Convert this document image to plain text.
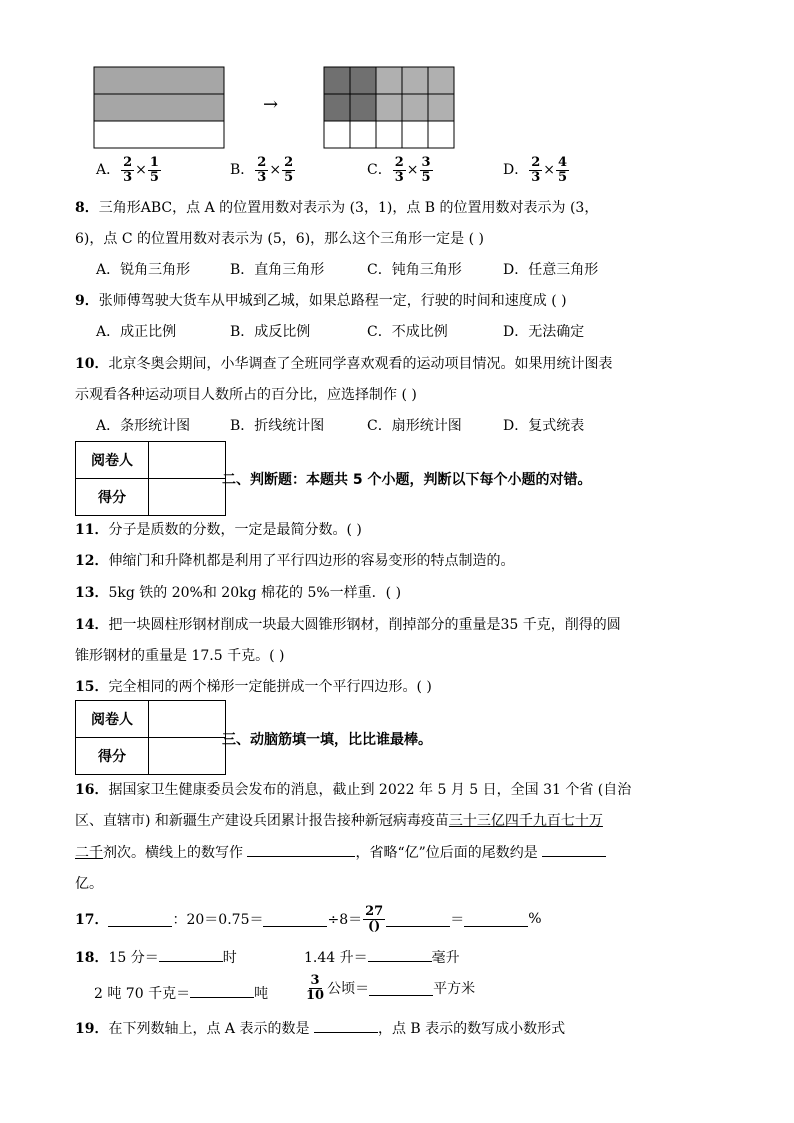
→
A． $\frac{2}{3} \times \frac{1}{5}$	B． $\frac{2}{3} \times \frac{2}{5}$	C． $\frac{2}{3} \times \frac{3}{5}$	D． $\frac{2}{3} \times \frac{4}{5}$
8．三角形ABC，点 A 的位置用数对表示为 (3，1)，点 B 的位置用数对表示为 (3，
6)，点 C 的位置用数对表示为 (5，6)，那么这个三角形一定是 ( )
A．锐角三角形	B．直角三角形	C．钝角三角形	D．任意三角形
9．张师傅驾驶大货车从甲城到乙城，如果总路程一定，行驶的时间和速度成 ( )
A．成正比例	B．成反比例	C．不成比例	D．无法确定
10．北京冬奥会期间，小华调查了全班同学喜欢观看的运动项目情况。如果用统计图表
示观看各种运动项目人数所占的百分比，应选择制作 ( )
A．条形统计图	B．折线统计图	C．扇形统计图	D．复式统表
阅卷人	
得分	
二、判断题：本题共 5 个小题，判断以下每个小题的对错。
11．分子是质数的分数，一定是最简分数。( )
12．伸缩门和升降机都是利用了平行四边形的容易变形的特点制造的。
13．5kg 铁的 20%和 20kg 棉花的 5%一样重．( )
14．把一块圆柱形钢材削成一块最大圆锥形钢材，削掉部分的重量是35 千克，削得的圆
锥形钢材的重量是 17.5 千克。( )
15．完全相同的两个梯形一定能拼成一个平行四边形。( )
阅卷人	
得分	
三、动脑筋填一填，比比谁最棒。
16．据国家卫生健康委员会发布的消息，截止到 2022 年 5 月 5 日，全国 31 个省 (自治
区、直辖市) 和新疆生产建设兵团累计报告接种新冠病毒疫苗三十三亿四千九百七十万
二千剂次。横线上的数写作	，省略“亿”位后面的尾数约是
亿。
17．	：20＝0.75＝	$\div 8= \frac{27}{()}$	＝	%
18．15 分＝	时	1.44 升＝	毫升
2 吨 70 千克＝	吨	$\frac{3}{10}$ 公顷＝	平方米
19．在下列数轴上，点 A 表示的数是	，点 B 表示的数写成小数形式
